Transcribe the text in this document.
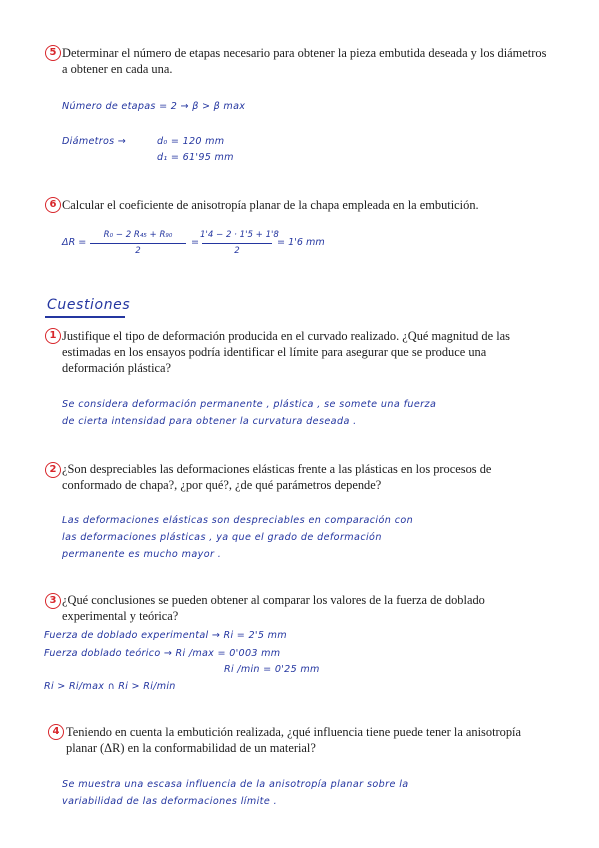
5 Determinar el número de etapas necesario para obtener la pieza embutida deseada y los diámetros a obtener en cada una.
Número de etapas = 2 → β > β max
Diámetros →	d₀ = 120 mm
d₁ = 61'95 mm
6 Calcular el coeficiente de anisotropía planar de la chapa empleada en la embutición.
ΔR =
R₀ − 2 R₄₅ + R₉₀
2
=
1'4 − 2 · 1'5 + 1'8
2
= 1'6 mm
Cuestiones
1 Justifique el tipo de deformación producida en el curvado realizado. ¿Qué magnitud de las estimadas en los ensayos podría identificar el límite para asegurar que se produce una deformación plástica?
Se considera deformación permanente , plástica , se somete una fuerza
de cierta intensidad para obtener la curvatura deseada .
2 ¿Son despreciables las deformaciones elásticas frente a las plásticas en los procesos de conformado de chapa?, ¿por qué?, ¿de qué parámetros depende?
Las deformaciones elásticas son despreciables en comparación con
las deformaciones plásticas , ya que el grado de deformación
permanente es mucho mayor .
3 ¿Qué conclusiones se pueden obtener al comparar los valores de la fuerza de doblado experimental y teórica?
Fuerza de doblado experimental → Ri = 2'5 mm
Fuerza doblado teórico → Ri /max = 0'003 mm
Ri /min = 0'25 mm
Ri > Ri/max ∩ Ri > Ri/min
4 Teniendo en cuenta la embutición realizada, ¿qué influencia tiene puede tener la anisotropía planar (ΔR) en la conformabilidad de un material?
Se muestra una escasa influencia de la anisotropía planar sobre la
variabilidad de las deformaciones límite .
